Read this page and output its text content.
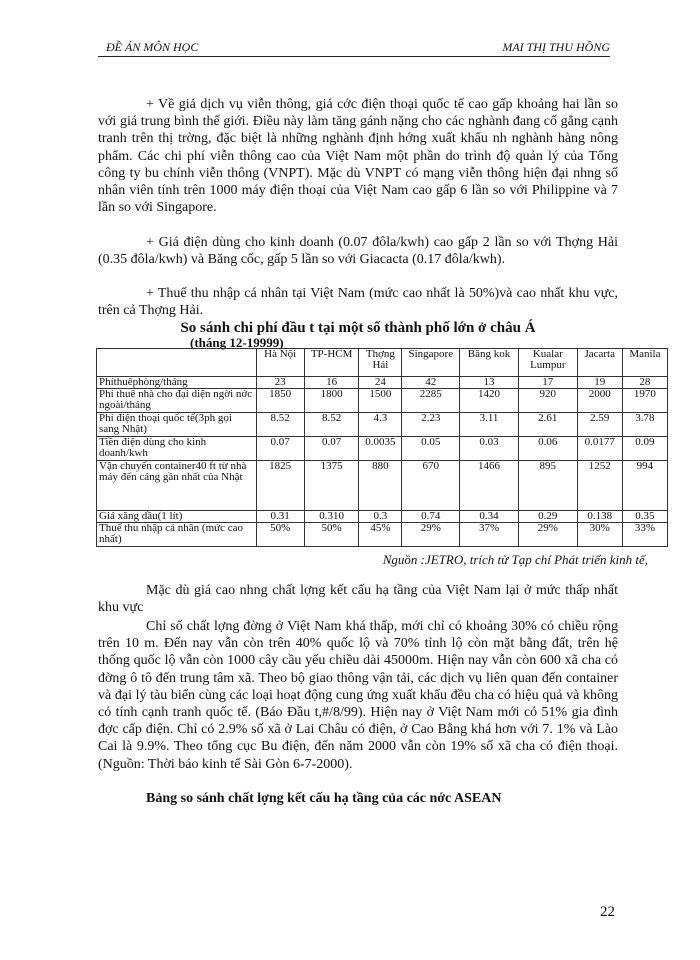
ĐỀ ÁN MÔN HỌC	MAI THỊ THU HỒNG

+ Về giá dịch vụ viễn thông, giá cớc điện thoại quốc tế cao gấp khoảng hai lần so với giá trung bình thế giới. Điều này làm tăng gánh nặng cho các nghành đang cố gắng cạnh tranh trên thị trờng, đặc biệt là những nghành định hớng xuất khẩu nh nghành hàng nông phẩm. Các chi phí viễn thông cao của Việt Nam một phần do trình độ quản lý của Tổng công ty bu chính viễn thông (VNPT). Mặc dù VNPT có mạng viễn thông hiện đại nhng số nhân viên tính trên 1000 máy điện thoại của Việt Nam cao gấp 6 lần so với Philippine và 7 lần so với Singapore.

+ Giá điện dùng cho kinh doanh (0.07 đôla/kwh) cao gấp 2 lần so với Thợng Hải (0.35 đôla/kwh) và Băng cốc, gấp 5 lần so với Giacacta (0.17 đôla/kwh).

+ Thuế thu nhập cá nhân tại Việt Nam (mức cao nhất là 50%)và cao nhất khu vực, trên cả Thợng Hải.

So sánh chi phí đầu t tại một số thành phố lớn ở châu Á
(tháng 12-19999)
	Hà Nội	TP-HCM	Thợng Hải	Singapore	Băng kok	Kualar Lumpur	Jacarta	Manila
Phíthuêphòng/tháng	23	16	24	42	13	17	19	28
Phí thuê nhà cho đại diện ngời nớc ngoài/tháng	1850	1800	1500	2285	1420	920	2000	1970
Phí điện thoại quốc tế(3ph gọi sang Nhật)	8.52	8.52	4.3	2.23	3.11	2.61	2.59	3.78
Tiền điện dùng cho kinh doanh/kwh	0.07	0.07	0.0035	0.05	0.03	0.06	0.0177	0.09
Vận chuyển container40 ft từ nhà máy đến cảng gần nhất của Nhật	1825	1375	880	670	1466	895	1252	994
Giá xăng dầu(1 lít)	0.31	0.310	0.3	0.74	0.34	0.29	0.138	0.35
Thuế thu nhập cá nhân (mức cao nhất)	50%	50%	45%	29%	37%	29%	30%	33%
Nguồn :JETRO, trích từ Tạp chí Phát triển kinh tế,

Mặc dù giá cao nhng chất lợng kết cấu hạ tầng của Việt Nam lại ở mức thấp nhất khu vực

Chỉ số chất lợng đờng ở Việt Nam khá thấp, mới chỉ có khoảng 30% có chiều rộng trên 10 m. Đến nay vẫn còn trên 40% quốc lộ và 70% tỉnh lộ còn mặt bằng đất, trên hệ thống quốc lộ vẫn còn 1000 cây cầu yếu chiều dài 45000m. Hiện nay vẫn còn 600 xã cha có đờng ô tô đến trung tâm xã. Theo bộ giao thông vận tải, các dịch vụ liên quan đến container và đại lý tàu biển cùng các loại hoạt động cung ứng xuất khẩu đều cha có hiệu quả và không có tính cạnh tranh quốc tế. (Báo Đầu t,#/8/99). Hiện nay ở Việt Nam mới có 51% gia đình đợc cấp điện. Chỉ có 2.9% số xã ở Lai Châu có điện, ở Cao Bằng khá hơn với 7. 1% và Lào Cai là 9.9%. Theo tổng cục Bu điện, đến năm 2000 vẫn còn 19% số xã cha có điện thoại. (Nguồn: Thời báo kinh tế Sài Gòn 6-7-2000).

Bảng so sánh chất lợng kết cấu hạ tầng của các nớc ASEAN

22
